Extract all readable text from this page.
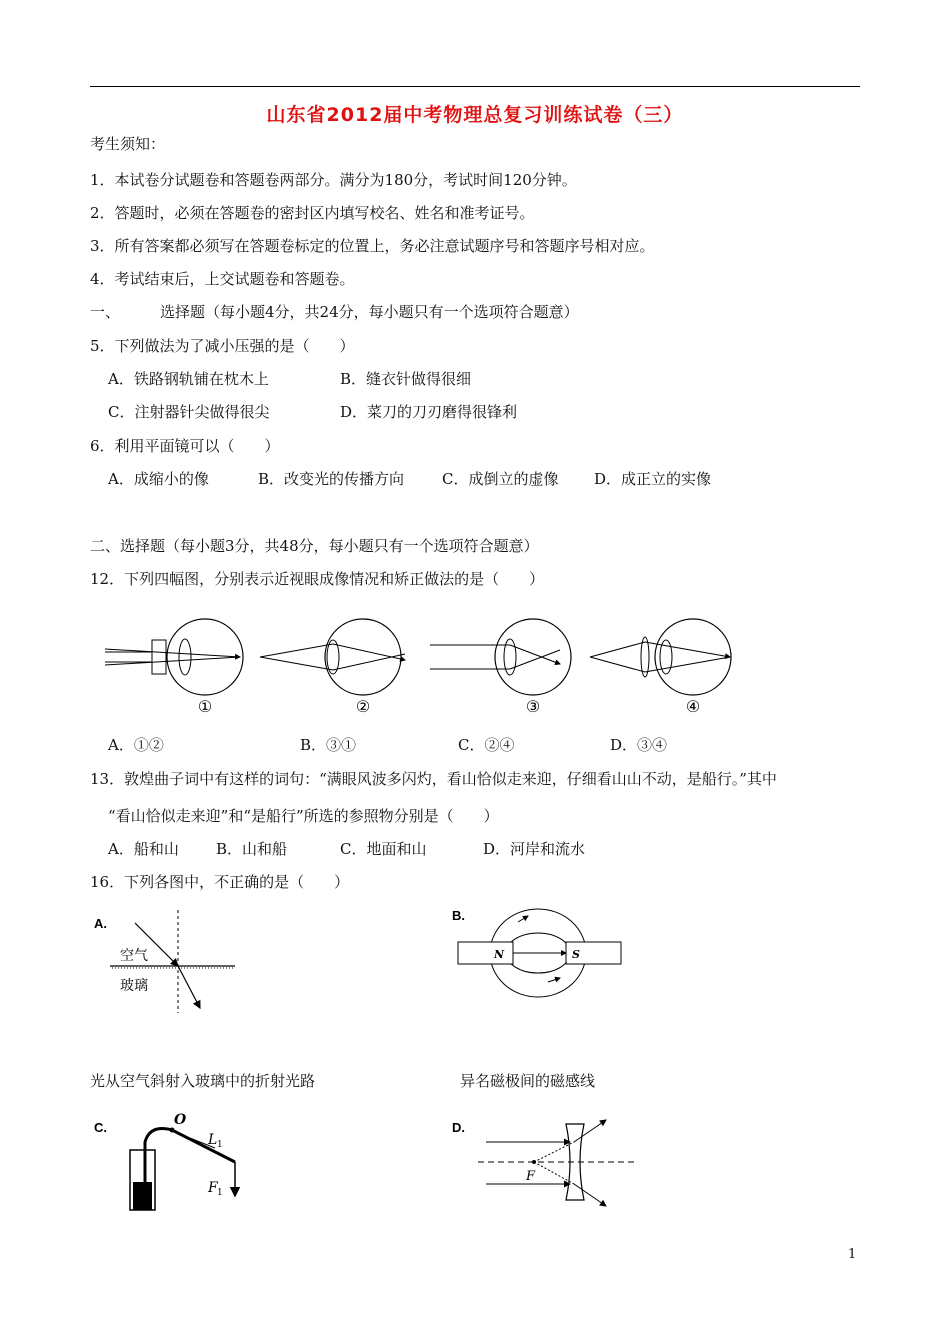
山东省2012届中考物理总复习训练试卷（三）
考生须知：
1．本试卷分试题卷和答题卷两部分。满分为180分，考试时间120分钟。
2．答题时，必须在答题卷的密封区内填写校名、姓名和准考证号。
3．所有答案都必须写在答题卷标定的位置上，务必注意试题序号和答题序号相对应。
4．考试结束后，上交试题卷和答题卷。
一、	选择题（每小题4分，共24分，每小题只有一个选项符合题意）
5．下列做法为了减小压强的是（　　）
A．铁路钢轨铺在枕木上	B．缝衣针做得很细
C．注射器针尖做得很尖	D．菜刀的刀刃磨得很锋利
6．利用平面镜可以（　　）
A．成缩小的像	B．改变光的传播方向	C．成倒立的虚像 D．成正立的实像
二、选择题（每小题3分，共48分，每小题只有一个选项符合题意）
12．下列四幅图，分别表示近视眼成像情况和矫正做法的是（　　）
①	②	③	④
A．①②	B．③①	C．②④	D．③④
13．敦煌曲子词中有这样的词句：“满眼风波多闪灼，看山恰似走来迎，仔细看山山不动，是船行。”其中
“看山恰似走来迎”和“是船行”所选的参照物分别是（　　）
A．船和山 B．山和船	C．地面和山	D．河岸和流水
16．下列各图中，不正确的是（　　）
A.
空气
玻璃
B.
N	S
光从空气斜射入玻璃中的折射光路	异名磁极间的磁感线
C.	O
L 1
F 1
D.
F
1
